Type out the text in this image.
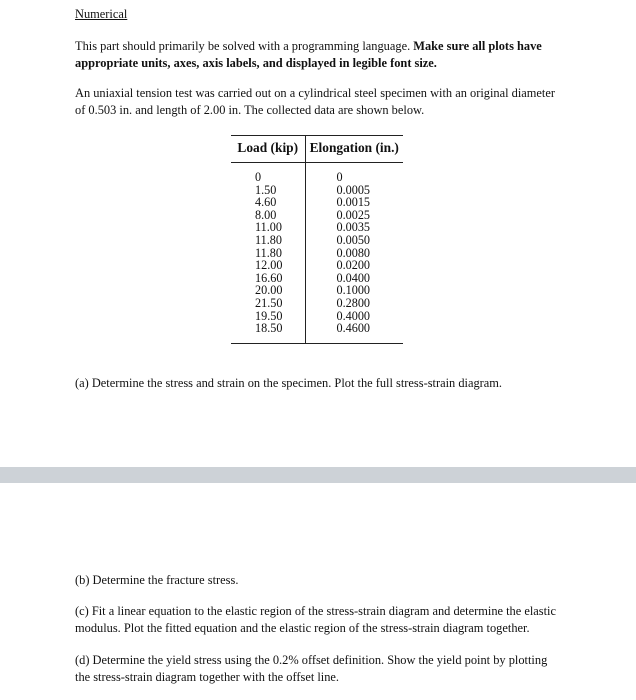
Numerical

This part should primarily be solved with a programming language. Make sure all plots have appropriate units, axes, axis labels, and displayed in legible font size.

An uniaxial tension test was carried out on a cylindrical steel specimen with an original diameter of 0.503 in. and length of 2.00 in. The collected data are shown below.

Load (kip)	Elongation (in.)
0	0
1.50	0.0005
4.60	0.0015
8.00	0.0025
11.00	0.0035
11.80	0.0050
11.80	0.0080
12.00	0.0200
16.60	0.0400
20.00	0.1000
21.50	0.2800
19.50	0.4000
18.50	0.4600

(a) Determine the stress and strain on the specimen. Plot the full stress-strain diagram.

(b) Determine the fracture stress.

(c) Fit a linear equation to the elastic region of the stress-strain diagram and determine the elastic modulus. Plot the fitted equation and the elastic region of the stress-strain diagram together.

(d) Determine the yield stress using the 0.2% offset definition. Show the yield point by plotting the stress-strain diagram together with the offset line.
